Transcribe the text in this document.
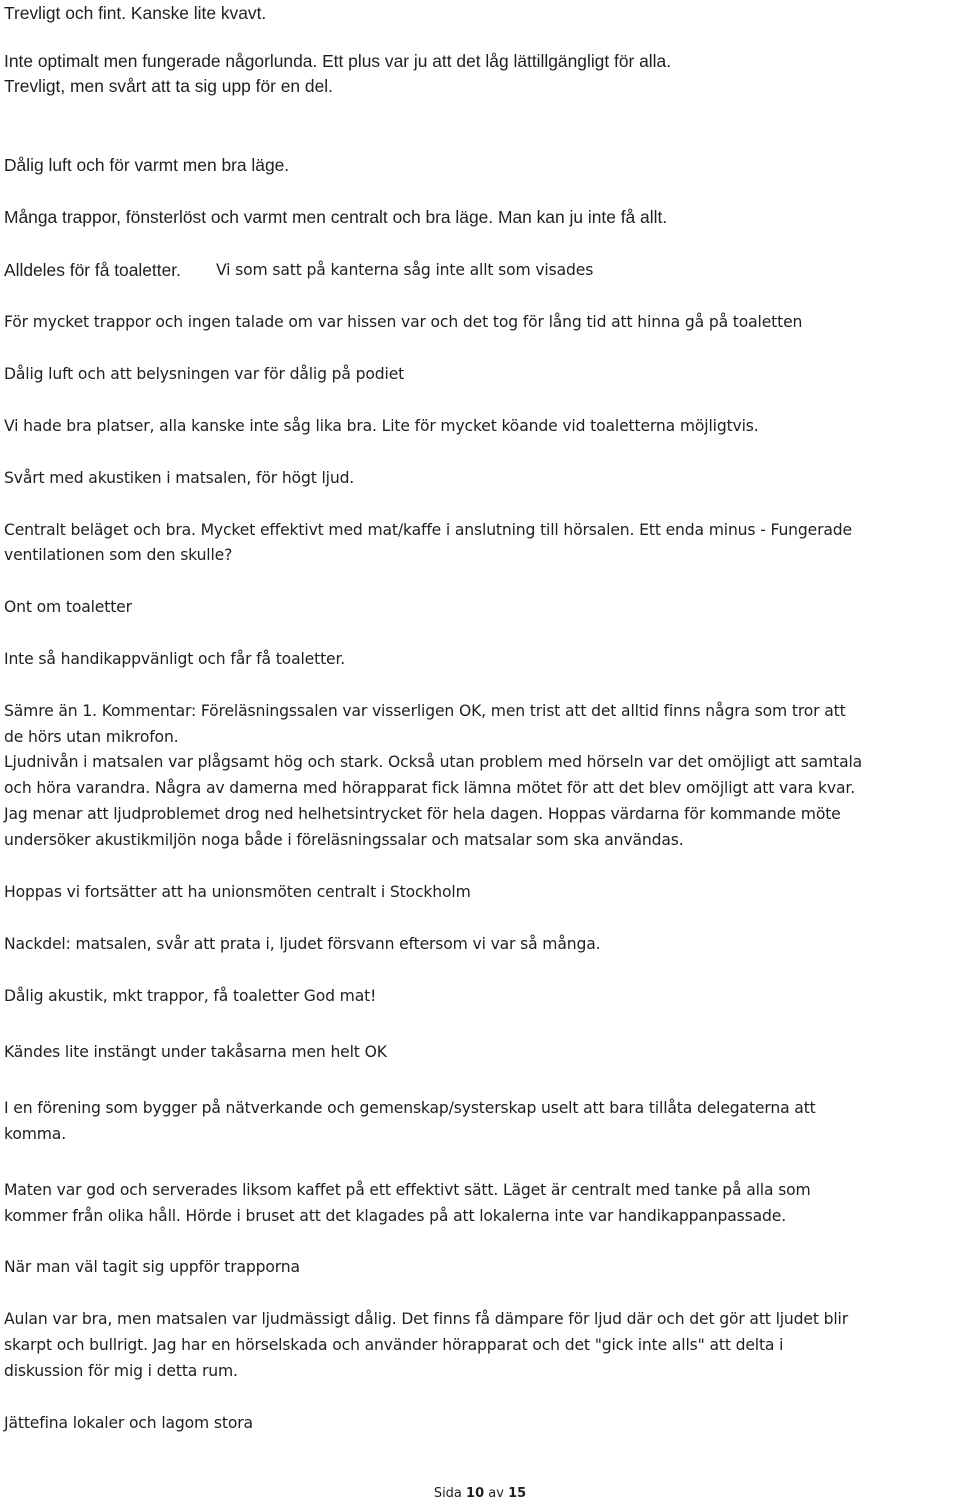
Trevligt och fint. Kanske lite kvavt.

Inte optimalt men fungerade någorlunda. Ett plus var ju att det låg lättillgängligt för alla.

Trevligt, men svårt att ta sig upp för en del.

Dålig luft och för varmt men bra läge.

Många trappor, fönsterlöst och varmt men centralt och bra läge. Man kan ju inte få allt.

Alldeles för få toaletter. Vi som satt på kanterna såg inte allt som visades

För mycket trappor och ingen talade om var hissen var och det tog för lång tid att hinna gå på toaletten

Dålig luft och att belysningen var för dålig på podiet

Vi hade bra platser, alla kanske inte såg lika bra. Lite för mycket köande vid toaletterna möjligtvis.

Svårt med akustiken i matsalen, för högt ljud.

Centralt beläget och bra. Mycket effektivt med mat/kaffe i anslutning till hörsalen. Ett enda minus - Fungerade

ventilationen som den skulle?

Ont om toaletter

Inte så handikappvänligt och får få toaletter.

Sämre än 1. Kommentar: Föreläsningssalen var visserligen OK, men trist att det alltid finns några som tror att

de hörs utan mikrofon.

Ljudnivån i matsalen var plågsamt hög och stark. Också utan problem med hörseln var det omöjligt att samtala

och höra varandra. Några av damerna med hörapparat fick lämna mötet för att det blev omöjligt att vara kvar.

Jag menar att ljudproblemet drog ned helhetsintrycket för hela dagen. Hoppas värdarna för kommande möte

undersöker akustikmiljön noga både i föreläsningssalar och matsalar som ska användas.

Hoppas vi fortsätter att ha unionsmöten centralt i Stockholm

Nackdel: matsalen, svår att prata i, ljudet försvann eftersom vi var så många.

Dålig akustik, mkt trappor, få toaletter God mat!

Kändes lite instängt under takåsarna men helt OK

I en förening som bygger på nätverkande och gemenskap/systerskap uselt att bara tillåta delegaterna att

komma.

Maten var god och serverades liksom kaffet på ett effektivt sätt. Läget är centralt med tanke på alla som

kommer från olika håll. Hörde i bruset att det klagades på att lokalerna inte var handikappanpassade.

När man väl tagit sig uppför trapporna

Aulan var bra, men matsalen var ljudmässigt dålig. Det finns få dämpare för ljud där och det gör att ljudet blir

skarpt och bullrigt. Jag har en hörselskada och använder hörapparat och det "gick inte alls" att delta i

diskussion för mig i detta rum.

Jättefina lokaler och lagom stora

Sida 10 av 15
